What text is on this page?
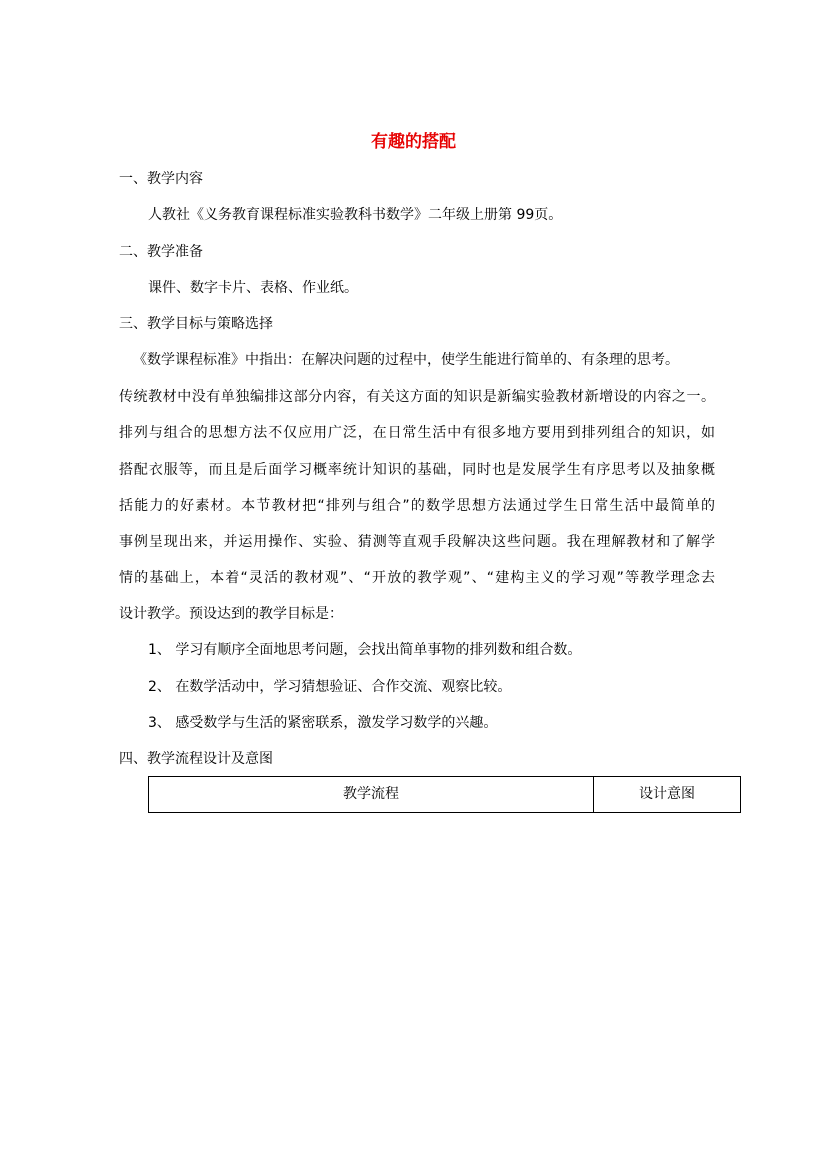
有趣的搭配
一、教学内容
人教社《义务教育课程标准实验教科书数学》二年级上册第 99页。
二、教学准备
课件、数字卡片、表格、作业纸。
三、教学目标与策略选择
《数学课程标准》中指出：在解决问题的过程中，使学生能进行简单的、有条理的思考。
传统教材中没有单独编排这部分内容，有关这方面的知识是新编实验教材新增设的内容之一。
排列与组合的思想方法不仅应用广泛，在日常生活中有很多地方要用到排列组合的知识，如
搭配衣服等，而且是后面学习概率统计知识的基础，同时也是发展学生有序思考以及抽象概
括能力的好素材。本节教材把“排列与组合”的数学思想方法通过学生日常生活中最简单的
事例呈现出来，并运用操作、实验、猜测等直观手段解决这些问题。我在理解教材和了解学
情的基础上，本着“灵活的教材观”、“开放的教学观”、“建构主义的学习观”等教学理念去
设计教学。预设达到的教学目标是：
1、 学习有顺序全面地思考问题，会找出简单事物的排列数和组合数。
2、 在数学活动中，学习猜想验证、合作交流、观察比较。
3、 感受数学与生活的紧密联系，激发学习数学的兴趣。
四、教学流程设计及意图
教学流程	设计意图
